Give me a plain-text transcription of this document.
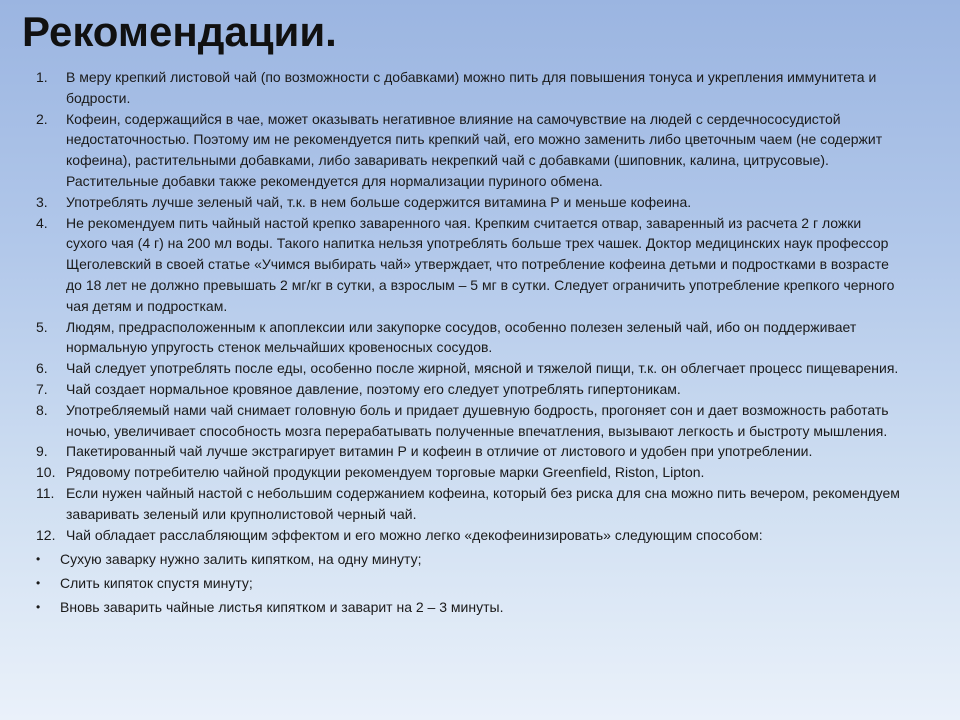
Рекомендации.
1.	В меру крепкий листовой чай (по возможности с добавками) можно пить для повышения тонуса и укрепления иммунитета и бодрости.
2.	Кофеин, содержащийся в чае, может оказывать негативное влияние на самочувствие на людей с сердечнососудистой недостаточностью. Поэтому им не рекомендуется пить крепкий чай, его можно заменить либо цветочным чаем (не содержит кофеина), растительными добавками, либо заваривать некрепкий чай с добавками (шиповник, калина, цитрусовые). Растительные добавки также рекомендуется для нормализации пуриного обмена.
3.	Употреблять лучше зеленый чай, т.к. в нем больше содержится витамина Р и меньше кофеина.
4.	Не рекомендуем пить чайный настой крепко заваренного чая. Крепким считается отвар, заваренный из расчета 2 г ложки сухого чая (4 г) на 200 мл воды. Такого напитка нельзя употреблять больше трех чашек. Доктор медицинских наук профессор Щеголевский в своей статье «Учимся выбирать чай» утверждает, что потребление кофеина детьми и подростками в возрасте до 18 лет не должно превышать 2 мг/кг в сутки, а взрослым – 5 мг в сутки. Следует ограничить употребление крепкого черного чая детям и подросткам.
5.	Людям, предрасположенным к апоплексии или закупорке сосудов, особенно полезен зеленый чай, ибо он поддерживает нормальную упругость стенок мельчайших кровеносных сосудов.
6.	Чай следует употреблять после еды, особенно после жирной, мясной и тяжелой пищи, т.к. он облегчает процесс пищеварения.
7.	Чай создает нормальное кровяное давление, поэтому его следует употреблять гипертоникам.
8.	Употребляемый нами чай снимает головную боль и придает душевную бодрость, прогоняет сон и дает возможность работать ночью, увеличивает способность мозга перерабатывать полученные впечатления, вызывают легкость и быстроту мышления.
9.	Пакетированный чай лучше экстрагирует витамин Р и кофеин в отличие от листового и удобен при употреблении.
10. Рядовому потребителю чайной продукции рекомендуем торговые марки Greenfield, Riston, Lipton.
11. Если нужен чайный настой с небольшим содержанием кофеина, который без риска для сна можно пить вечером, рекомендуем заваривать зеленый или крупнолистовой черный чай.
12. Чай обладает расслабляющим эффектом и его можно легко «декофеинизировать» следующим способом:
•	Сухую заварку нужно залить кипятком, на одну минуту;
•	Слить кипяток спустя минуту;
•	Вновь заварить чайные листья кипятком и заварит на 2 – 3 минуты.
